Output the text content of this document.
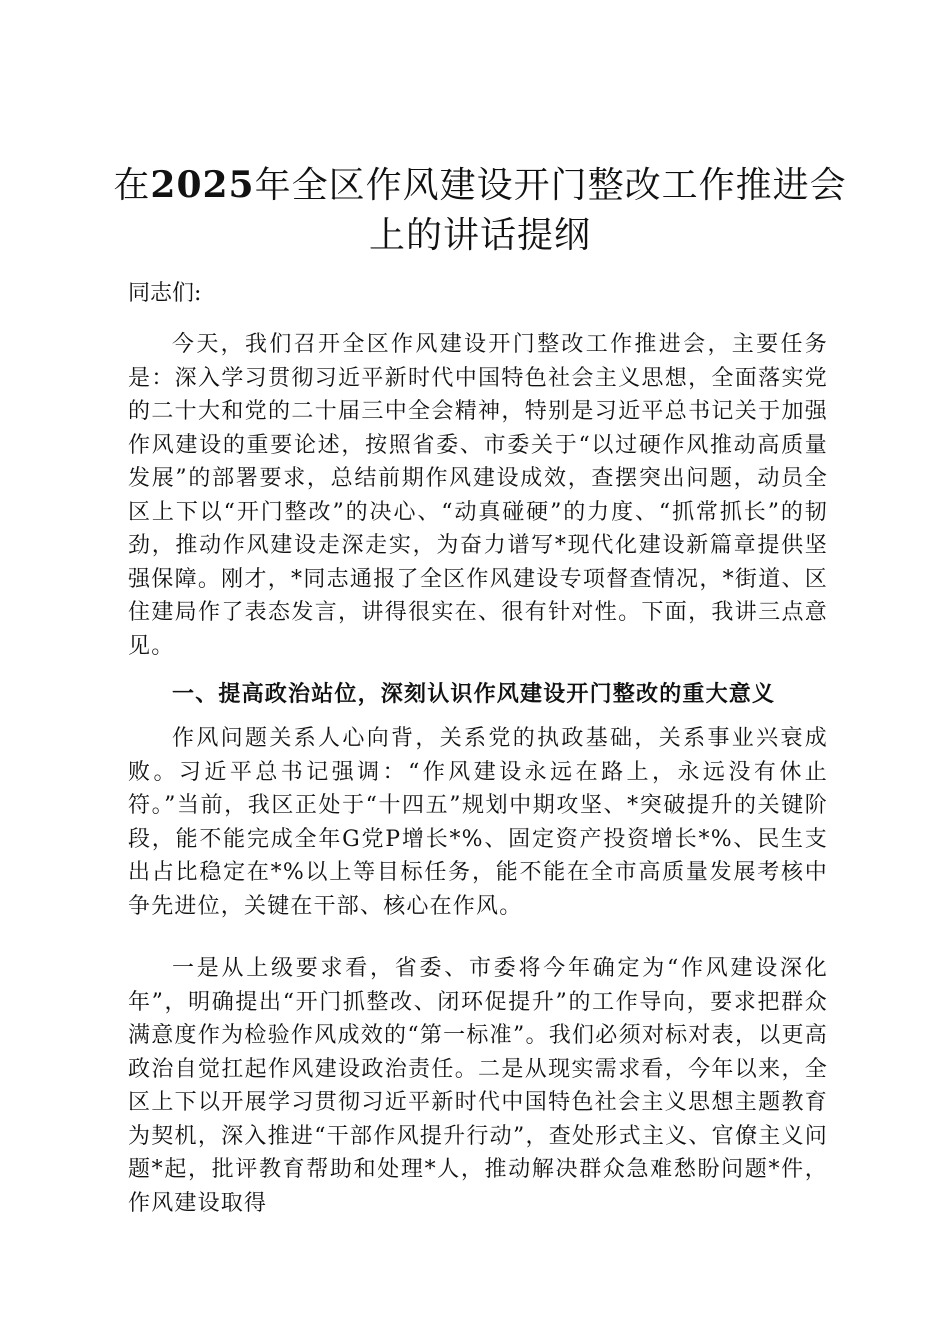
在2025年全区作风建设开门整改工作推进会上的讲话提纲

同志们:

今天，我们召开全区作风建设开门整改工作推进会，主要任务是：深入学习贯彻习近平新时代中国特色社会主义思想，全面落实党的二十大和党的二十届三中全会精神，特别是习近平总书记关于加强作风建设的重要论述，按照省委、市委关于“以过硬作风推动高质量发展”的部署要求，总结前期作风建设成效，查摆突出问题，动员全区上下以“开门整改”的决心、“动真碰硬”的力度、“抓常抓长”的韧劲，推动作风建设走深走实，为奋力谱写*现代化建设新篇章提供坚强保障。刚才，*同志通报了全区作风建设专项督查情况，*街道、区住建局作了表态发言，讲得很实在、很有针对性。下面，我讲三点意见。

一、提高政治站位，深刻认识作风建设开门整改的重大意义

作风问题关系人心向背，关系党的执政基础，关系事业兴衰成败。习近平总书记强调：“作风建设永远在路上，永远没有休止符。”当前，我区正处于“十四五”规划中期攻坚、*突破提升的关键阶段，能不能完成全年G党P增长*%、固定资产投资增长*%、民生支出占比稳定在*%以上等目标任务，能不能在全市高质量发展考核中争先进位，关键在干部、核心在作风。

一是从上级要求看，省委、市委将今年确定为“作风建设深化年”，明确提出“开门抓整改、闭环促提升”的工作导向，要求把群众满意度作为检验作风成效的“第一标准”。我们必须对标对表，以更高政治自觉扛起作风建设政治责任。二是从现实需求看，今年以来，全区上下以开展学习贯彻习近平新时代中国特色社会主义思想主题教育为契机，深入推进“干部作风提升行动”，查处形式主义、官僚主义问题*起，批评教育帮助和处理*人，推动解决群众急难愁盼问题*件，作风建设取得
